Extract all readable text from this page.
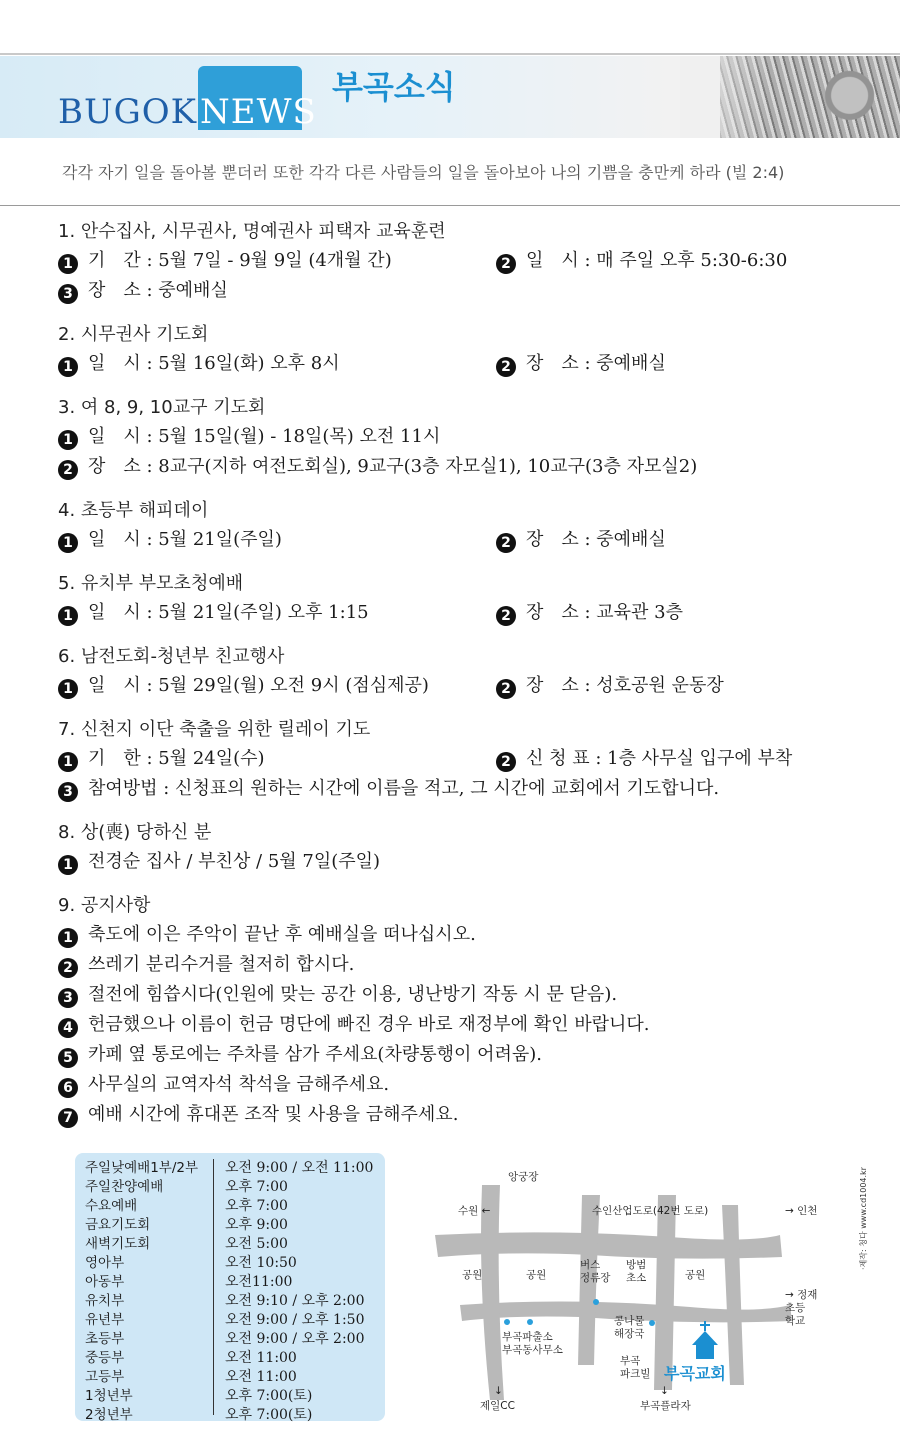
BUGOK NEWS
부곡소식
각각 자기 일을 돌아볼 뿐더러 또한 각각 다른 사람들의 일을 돌아보아 나의 기쁨을 충만케 하라 (빌 2:4)
1. 안수집사, 시무권사, 명예권사 피택자 교육훈련
1 기　간 : 5월 7일 - 9월 9일 (4개월 간)	2 일　시 : 매 주일 오후 5:30-6:30
3 장　소 : 중예배실
2. 시무권사 기도회
1 일　시 : 5월 16일(화) 오후 8시	2 장　소 : 중예배실
3. 여 8, 9, 10교구 기도회
1 일　시 : 5월 15일(월) - 18일(목) 오전 11시
2 장　소 : 8교구(지하 여전도회실), 9교구(3층 자모실1), 10교구(3층 자모실2)
4. 초등부 해피데이
1 일　시 : 5월 21일(주일)	2 장　소 : 중예배실
5. 유치부 부모초청예배
1 일　시 : 5월 21일(주일) 오후 1:15	2 장　소 : 교육관 3층
6. 남전도회-청년부 친교행사
1 일　시 : 5월 29일(월) 오전 9시 (점심제공)	2 장　소 : 성호공원 운동장
7. 신천지 이단 축출을 위한 릴레이 기도
1 기　한 : 5월 24일(수)	2 신 청 표 : 1층 사무실 입구에 부착
3 참여방법 : 신청표의 원하는 시간에 이름을 적고, 그 시간에 교회에서 기도합니다.
8. 상(喪) 당하신 분
1 전경순 집사 / 부친상 / 5월 7일(주일)
9. 공지사항
1 축도에 이은 주악이 끝난 후 예배실을 떠나십시오.
2 쓰레기 분리수거를 철저히 합시다.
3 절전에 힘씁시다(인원에 맞는 공간 이용, 냉난방기 작동 시 문 닫음).
4 헌금했으나 이름이 헌금 명단에 빠진 경우 바로 재정부에 확인 바랍니다.
5 카페 옆 통로에는 주차를 삼가 주세요(차량통행이 어려움).
6 사무실의 교역자석 착석을 금해주세요.
7 예배 시간에 휴대폰 조작 및 사용을 금해주세요.
주일낮예배1부/2부 오전 9:00 / 오전 11:00
주일찬양예배	오후 7:00
수요예배	오후 7:00
금요기도회	오후 9:00
새벽기도회	오전 5:00
영아부	오전 10:50
아동부	오전11:00
유치부	오전 9:10 / 오후 2:00
유년부	오전 9:00 / 오후 1:50
초등부	오전 9:00 / 오후 2:00
중등부	오전 11:00
고등부	오전 11:00
1청년부	오후 7:00(토)
2청년부	오후 7:00(토)
앙궁장
수원 ←	수인산업도로(42번 도로)	→ 인천
공원	공원	공원
버스
정류장
방범
초소
→ 정재
초등
학교
부곡파출소
부곡동사무소
콩나물
해장국
부곡
파크빌 부곡교회
제일CC	부곡플라자
↓	↓
·제작: 청다 www.cd1004.kr
